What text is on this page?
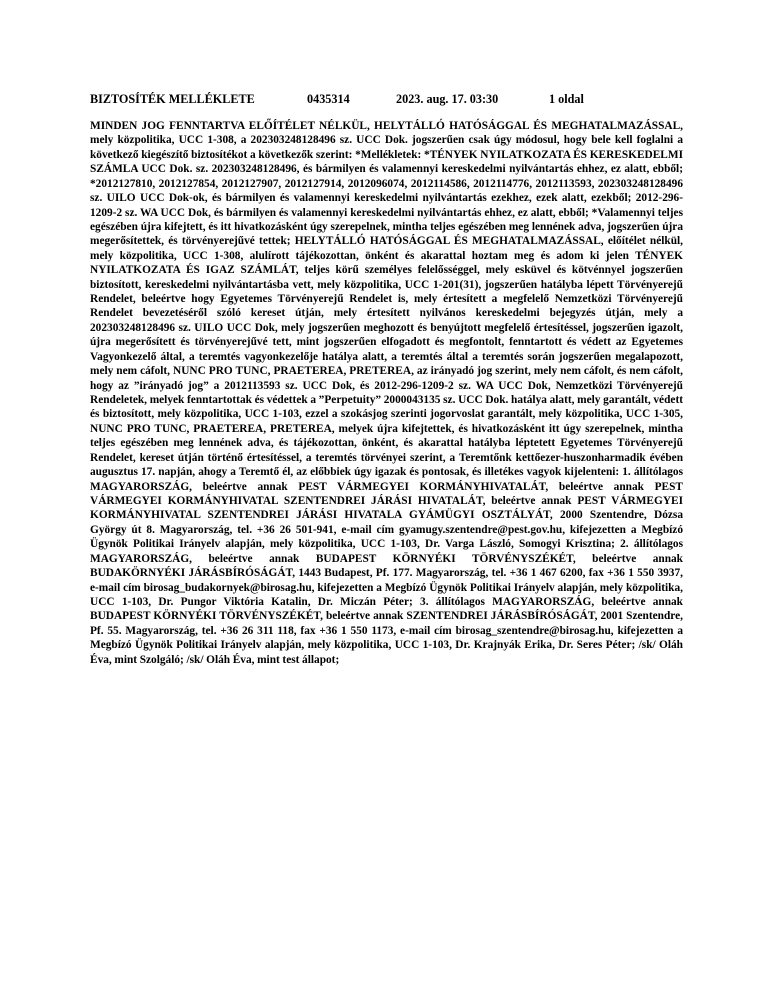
BIZTOSÍTÉK MELLÉKLETE	0435314	2023. aug. 17. 03:30	1 oldal
MINDEN JOG FENNTARTVA ELŐÍTÉLET NÉLKÜL, HELYTÁLLÓ HATÓSÁGGAL ÉS MEGHATALMAZÁSSAL, mely közpolitika, UCC 1-308, a 202303248128496 sz. UCC Dok. jogszerűen csak úgy módosul, hogy bele kell foglalni a következő kiegészítő biztosítékot a következők szerint: *Mellékletek: *TÉNYEK NYILATKOZATA ÉS KERESKEDELMI SZÁMLA UCC Dok. sz. 202303248128496, és bármilyen és valamennyi kereskedelmi nyilvántartás ehhez, ez alatt, ebből; *2012127810, 2012127854, 2012127907, 2012127914, 2012096074, 2012114586, 2012114776, 2012113593, 202303248128496 sz. UILO UCC Dok-ok, és bármilyen és valamennyi kereskedelmi nyilvántartás ezekhez, ezek alatt, ezekből; 2012-296-1209-2 sz. WA UCC Dok, és bármilyen és valamennyi kereskedelmi nyilvántartás ehhez, ez alatt, ebből; *Valamennyi teljes egészében újra kifejtett, és itt hivatkozásként úgy szerepelnek, mintha teljes egészében meg lennének adva, jogszerűen újra megerősítettek, és törvényerejűvé tettek; HELYTÁLLÓ HATÓSÁGGAL ÉS MEGHATALMAZÁSSAL, előítélet nélkül, mely közpolitika, UCC 1-308, alulírott tájékozottan, önként és akarattal hoztam meg és adom ki jelen TÉNYEK NYILATKOZATA ÉS IGAZ SZÁMLÁT, teljes körű személyes felelősséggel, mely esküvel és kötvénnyel jogszerűen biztosított, kereskedelmi nyilvántartásba vett, mely közpolitika, UCC 1-201(31), jogszerűen hatályba lépett Törvényerejű Rendelet, beleértve hogy Egyetemes Törvényerejű Rendelet is, mely értesített a megfelelő Nemzetközi Törvényerejű Rendelet bevezetéséről szóló kereset útján, mely értesített nyilvános kereskedelmi bejegyzés útján, mely a 202303248128496 sz. UILO UCC Dok, mely jogszerűen meghozott és benyújtott megfelelő értesítéssel, jogszerűen igazolt, újra megerősített és törvényerejűvé tett, mint jogszerűen elfogadott és megfontolt, fenntartott és védett az Egyetemes Vagyonkezelő által, a teremtés vagyonkezelője hatálya alatt, a teremtés által a teremtés során jogszerűen megalapozott, mely nem cáfolt, NUNC PRO TUNC, PRAETEREA, PRETEREA, az irányadó jog szerint, mely nem cáfolt, és nem cáfolt, hogy az ”irányadó jog” a 2012113593 sz. UCC Dok, és 2012-296-1209-2 sz. WA UCC Dok, Nemzetközi Törvényerejű Rendeletek, melyek fenntartottak és védettek a ”Perpetuity” 2000043135 sz. UCC Dok. hatálya alatt, mely garantált, védett és biztosított, mely közpolitika, UCC 1-103, ezzel a szokásjog szerinti jogorvoslat garantált, mely közpolitika, UCC 1-305, NUNC PRO TUNC, PRAETEREA, PRETEREA, melyek újra kifejtettek, és hivatkozásként itt úgy szerepelnek, mintha teljes egészében meg lennének adva, és tájékozottan, önként, és akarattal hatályba léptetett Egyetemes Törvényerejű Rendelet, kereset útján történő értesítéssel, a teremtés törvényei szerint, a Teremtőnk kettőezer-huszonharmadik évében augusztus 17. napján, ahogy a Teremtő él, az előbbiek úgy igazak és pontosak, és illetékes vagyok kijelenteni: 1. állítólagos MAGYARORSZÁG, beleértve annak PEST VÁRMEGYEI KORMÁNYHIVATALÁT, beleértve annak PEST VÁRMEGYEI KORMÁNYHIVATAL SZENTENDREI JÁRÁSI HIVATALÁT, beleértve annak PEST VÁRMEGYEI KORMÁNYHIVATAL SZENTENDREI JÁRÁSI HIVATALA GYÁMÜGYI OSZTÁLYÁT, 2000 Szentendre, Dózsa György út 8. Magyarország, tel. +36 26 501-941, e-mail cím gyamugy.szentendre@pest.gov.hu, kifejezetten a Megbízó Ügynök Politikai Irányelv alapján, mely közpolitika, UCC 1-103, Dr. Varga László, Somogyi Krisztina; 2. állítólagos MAGYARORSZÁG, beleértve annak BUDAPEST KÖRNYÉKI TÖRVÉNYSZÉKÉT, beleértve annak BUDAKÖRNYÉKI JÁRÁSBÍRÓSÁGÁT, 1443 Budapest, Pf. 177. Magyarország, tel. +36 1 467 6200, fax +36 1 550 3937, e-mail cím birosag_budakornyek@birosag.hu, kifejezetten a Megbízó Ügynök Politikai Irányelv alapján, mely közpolitika, UCC 1-103, Dr. Pungor Viktória Katalin, Dr. Miczán Péter; 3. állítólagos MAGYARORSZÁG, beleértve annak BUDAPEST KÖRNYÉKI TÖRVÉNYSZÉKÉT, beleértve annak SZENTENDREI JÁRÁSBÍRÓSÁGÁT, 2001 Szentendre, Pf. 55. Magyarország, tel. +36 26 311 118, fax +36 1 550 1173, e-mail cím birosag_szentendre@birosag.hu, kifejezetten a Megbízó Ügynök Politikai Irányelv alapján, mely közpolitika, UCC 1-103, Dr. Krajnyák Erika, Dr. Seres Péter; /sk/ Oláh Éva, mint Szolgáló; /sk/ Oláh Éva, mint test állapot;
